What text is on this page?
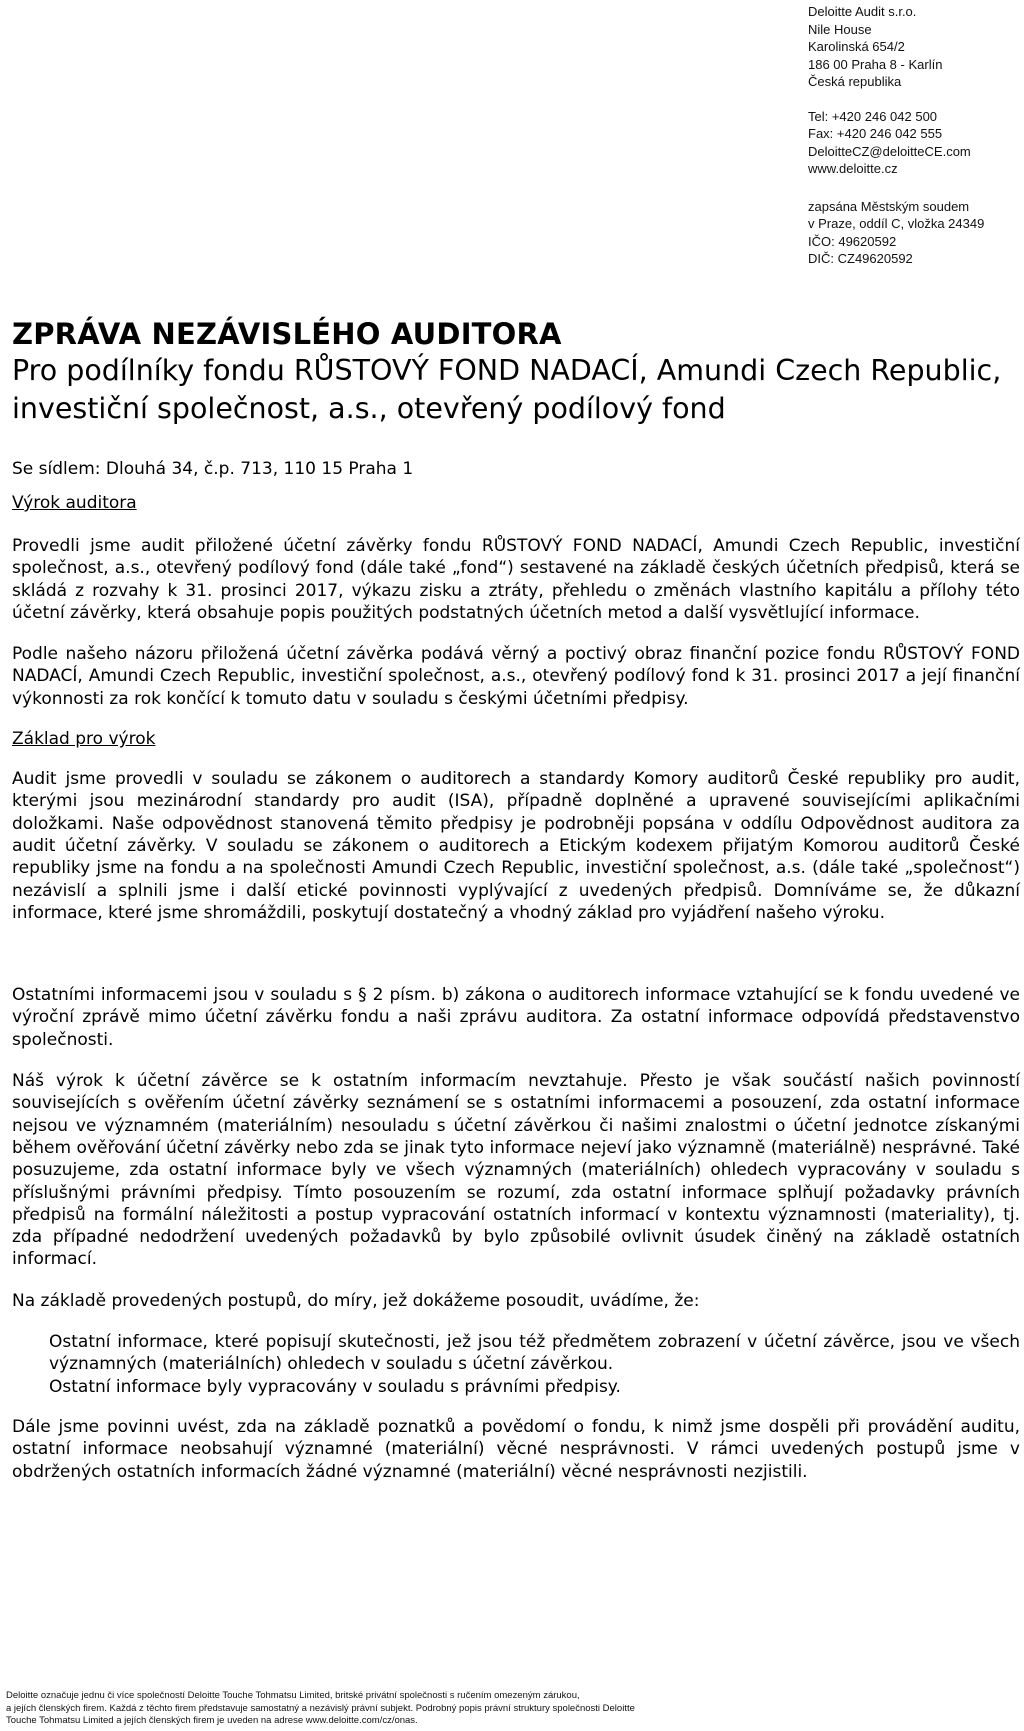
Deloitte Audit s.r.o.
Nile House
Karolinská 654/2
186 00 Praha 8 - Karlín
Česká republika
Tel: +420 246 042 500
Fax: +420 246 042 555
DeloitteCZ@deloitteCE.com
www.deloitte.cz
zapsána Městským soudem
v Praze, oddíl C, vložka 24349
IČO: 49620592
DIČ: CZ49620592
ZPRÁVA NEZÁVISLÉHO AUDITORA
Pro podílníky fondu RŮSTOVÝ FOND NADACÍ, Amundi Czech Republic, investiční společnost, a.s., otevřený podílový fond

Se sídlem: Dlouhá 34, č.p. 713, 110 15 Praha 1

Výrok auditora

Provedli jsme audit přiložené účetní závěrky fondu RŮSTOVÝ FOND NADACÍ, Amundi Czech Republic, investiční společnost, a.s., otevřený podílový fond (dále také „fond“) sestavené na základě českých účetních předpisů, která se skládá z rozvahy k 31. prosinci 2017, výkazu zisku a ztráty, přehledu o změnách vlastního kapitálu a přílohy této účetní závěrky, která obsahuje popis použitých podstatných účetních metod a další vysvětlující informace.

Podle našeho názoru přiložená účetní závěrka podává věrný a poctivý obraz finanční pozice fondu RŮSTOVÝ FOND NADACÍ, Amundi Czech Republic, investiční společnost, a.s., otevřený podílový fond k 31. prosinci 2017 a její finanční výkonnosti za rok končící k tomuto datu v souladu s českými účetními předpisy.

Základ pro výrok

Audit jsme provedli v souladu se zákonem o auditorech a standardy Komory auditorů České republiky pro audit, kterými jsou mezinárodní standardy pro audit (ISA), případně doplněné a upravené souvisejícími aplikačními doložkami. Naše odpovědnost stanovená těmito předpisy je podrobněji popsána v oddílu Odpovědnost auditora za audit účetní závěrky. V souladu se zákonem o auditorech a Etickým kodexem přijatým Komorou auditorů České republiky jsme na fondu a na společnosti Amundi Czech Republic, investiční společnost, a.s. (dále také „společnost“) nezávislí a splnili jsme i další etické povinnosti vyplývající z uvedených předpisů. Domníváme se, že důkazní informace, které jsme shromáždili, poskytují dostatečný a vhodný základ pro vyjádření našeho výroku.

Ostatními informacemi jsou v souladu s § 2 písm. b) zákona o auditorech informace vztahující se k fondu uvedené ve výroční zprávě mimo účetní závěrku fondu a naši zprávu auditora. Za ostatní informace odpovídá představenstvo společnosti.

Náš výrok k účetní závěrce se k ostatním informacím nevztahuje. Přesto je však součástí našich povinností souvisejících s ověřením účetní závěrky seznámení se s ostatními informacemi a posouzení, zda ostatní informace nejsou ve významném (materiálním) nesouladu s účetní závěrkou či našimi znalostmi o účetní jednotce získanými během ověřování účetní závěrky nebo zda se jinak tyto informace nejeví jako významně (materiálně) nesprávné. Také posuzujeme, zda ostatní informace byly ve všech významných (materiálních) ohledech vypracovány v souladu s příslušnými právními předpisy. Tímto posouzením se rozumí, zda ostatní informace splňují požadavky právních předpisů na formální náležitosti a postup vypracování ostatních informací v kontextu významnosti (materiality), tj. zda případné nedodržení uvedených požadavků by bylo způsobilé ovlivnit úsudek činěný na základě ostatních informací.

Na základě provedených postupů, do míry, jež dokážeme posoudit, uvádíme, že:

Ostatní informace, které popisují skutečnosti, jež jsou též předmětem zobrazení v účetní závěrce, jsou ve všech významných (materiálních) ohledech v souladu s účetní závěrkou.
Ostatní informace byly vypracovány v souladu s právními předpisy.

Dále jsme povinni uvést, zda na základě poznatků a povědomí o fondu, k nimž jsme dospěli při provádění auditu, ostatní informace neobsahují významné (materiální) věcné nesprávnosti. V rámci uvedených postupů jsme v obdržených ostatních informacích žádné významné (materiální) věcné nesprávnosti nezjistili.

Deloitte označuje jednu či více společností Deloitte Touche Tohmatsu Limited, britské privátní společnosti s ručením omezeným zárukou,
a jejích členských firem. Každá z těchto firem představuje samostatný a nezávislý právní subjekt. Podrobný popis právní struktury společnosti Deloitte
Touche Tohmatsu Limited a jejích členských firem je uveden na adrese www.deloitte.com/cz/onas.
